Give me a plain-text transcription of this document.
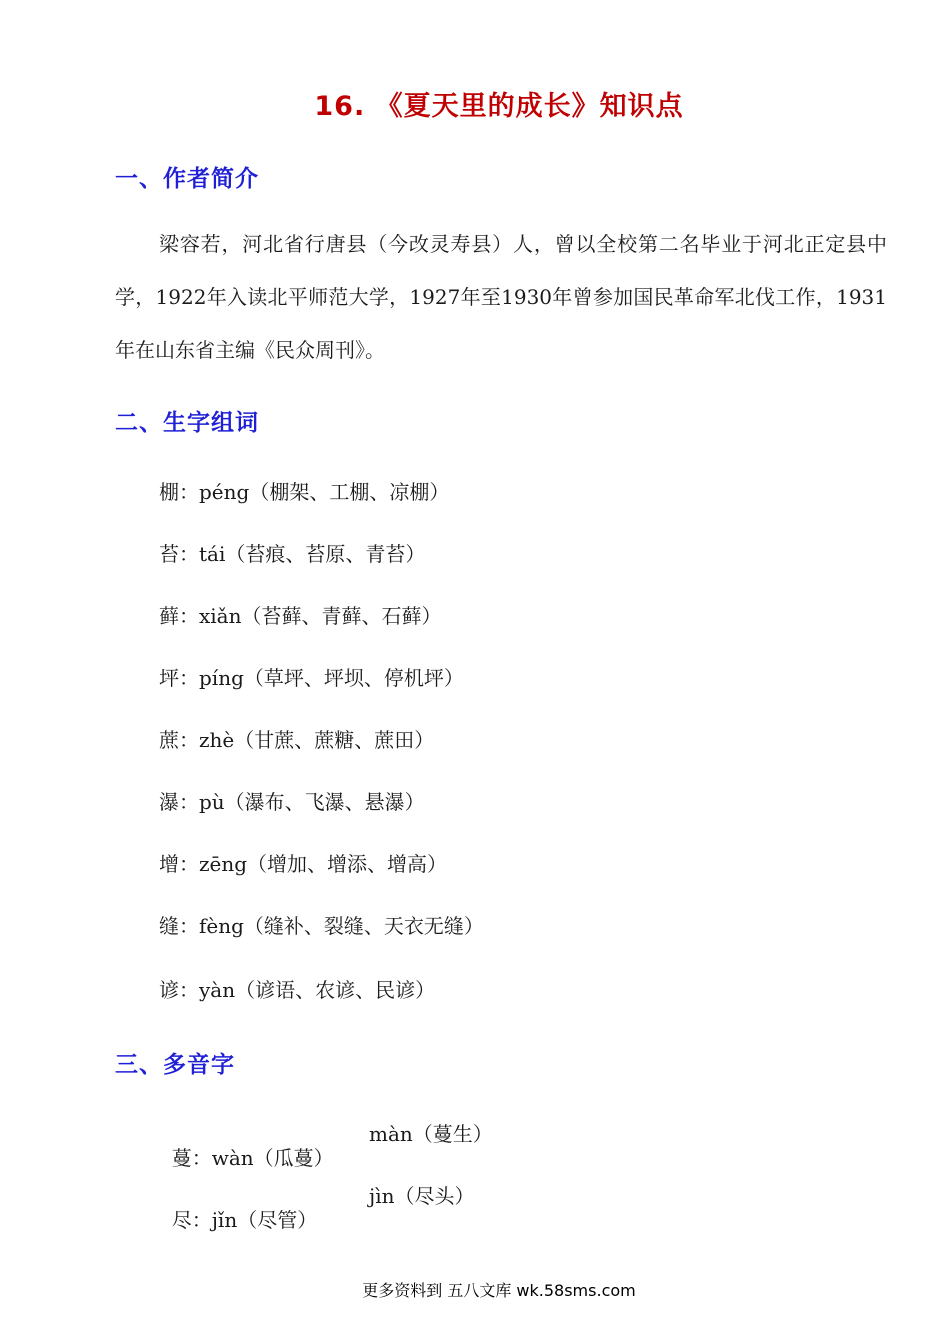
16. 《夏天里的成长》知识点
一、作者简介
梁容若，河北省行唐县（今改灵寿县）人，曾以全校第二名毕业于河北正定县中学，1922年入读北平师范大学，1927年至1930年曾参加国民革命军北伐工作，1931年在山东省主编《民众周刊》。
二、生字组词
棚：péng（棚架、工棚、凉棚）
苔：tái（苔痕、苔原、青苔）
藓：xiǎn（苔藓、青藓、石藓）
坪：píng（草坪、坪坝、停机坪）
蔗：zhè（甘蔗、蔗糖、蔗田）
瀑：pù（瀑布、飞瀑、悬瀑）
增：zēng（增加、增添、增高）
缝：fèng（缝补、裂缝、天衣无缝）
谚：yàn（谚语、农谚、民谚）
三、多音字

蔓：wàn（瓜蔓）

màn（蔓生）

尽：jǐn（尽管）

jìn（尽头）

更多资料到 五八文库 wk.58sms.com
